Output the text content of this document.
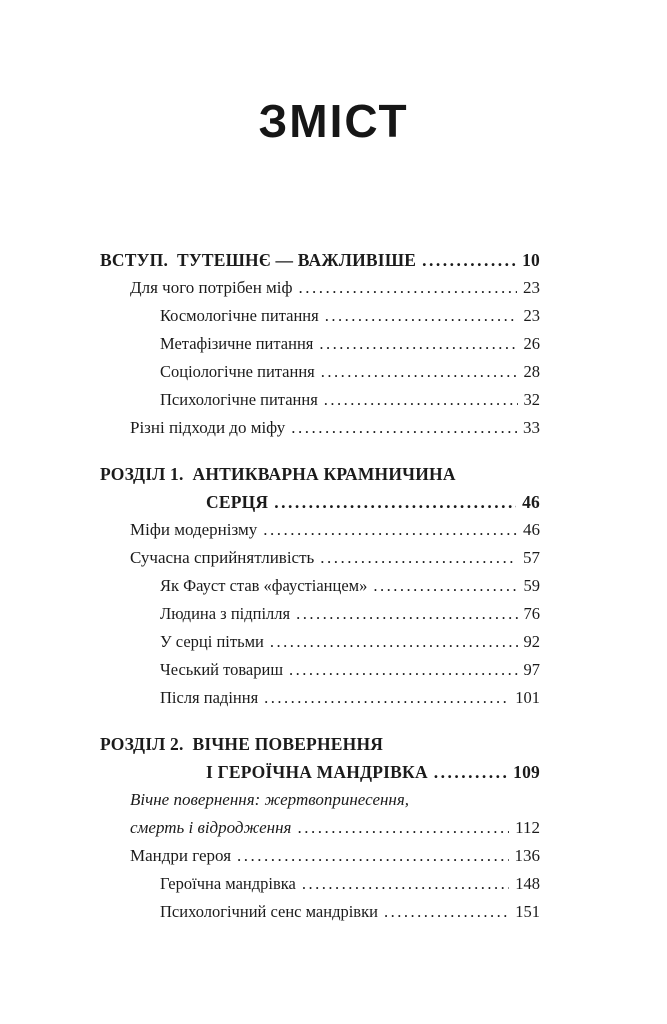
ЗМІСТ
ВСТУП. ТУТЕШНЄ — ВАЖЛИВІШЕ .....	10
Для чого потрібен міф .....	23
Космологічне питання .....	23
Метафізичне питання .....	26
Соціологічне питання .....	28
Психологічне питання .....	32
Різні підходи до міфу .....	33
РОЗДІЛ 1. АНТИКВАРНА КРАМНИЧИНА
СЕРЦЯ .....	46
Міфи модернізму .....	46
Сучасна сприйнятливість .....	57
Як Фауст став «фаустіанцем» .....	59
Людина з підпілля .....	76
У серці пітьми .....	92
Чеський товариш .....	97
Після падіння .....	101
РОЗДІЛ 2. ВІЧНЕ ПОВЕРНЕННЯ
І ГЕРОЇЧНА МАНДРІВКА .....	109
Вічне повернення: жертвопринесення,
смерть і відродження .....	112
Мандри героя .....	136
Героїчна мандрівка .....	148
Психологічний сенс мандрівки .....	151
